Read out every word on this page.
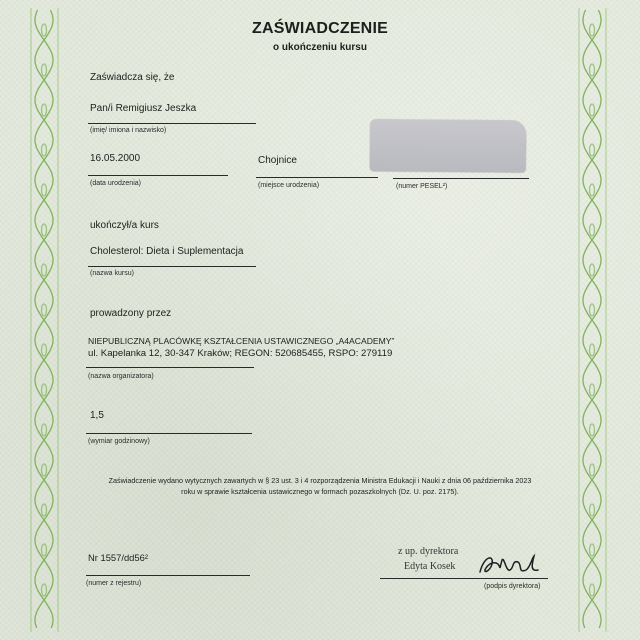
ZAŚWIADCZENIE
o ukończeniu kursu
Zaświadcza się, że
Pan/i Remigiusz Jeszka
(imię/ imiona i nazwisko)
16.05.2000
(data urodzenia)
Chojnice
(miejsce urodzenia)	(numer PESEL²)
ukończył/a kurs
Cholesterol: Dieta i Suplementacja
(nazwa kursu)
prowadzony przez
NIEPUBLICZNĄ PLACÓWKĘ KSZTAŁCENIA USTAWICZNEGO „A4ACADEMY”
ul. Kapelanka 12, 30-347 Kraków; REGON: 520685455, RSPO: 279119
(nazwa organizatora)
1,5
(wymiar godzinowy)
Zaświadczenie wydano wytycznych zawartych w § 23 ust. 3 i 4 rozporządzenia Ministra Edukacji i Nauki z dnia 06 października 2023
roku w sprawie kształcenia ustawicznego w formach pozaszkolnych (Dz. U. poz. 2175).
Nr 1557/dd56²
(numer z rejestru)
z up. dyrektora
Edyta Kosek
(podpis dyrektora)
